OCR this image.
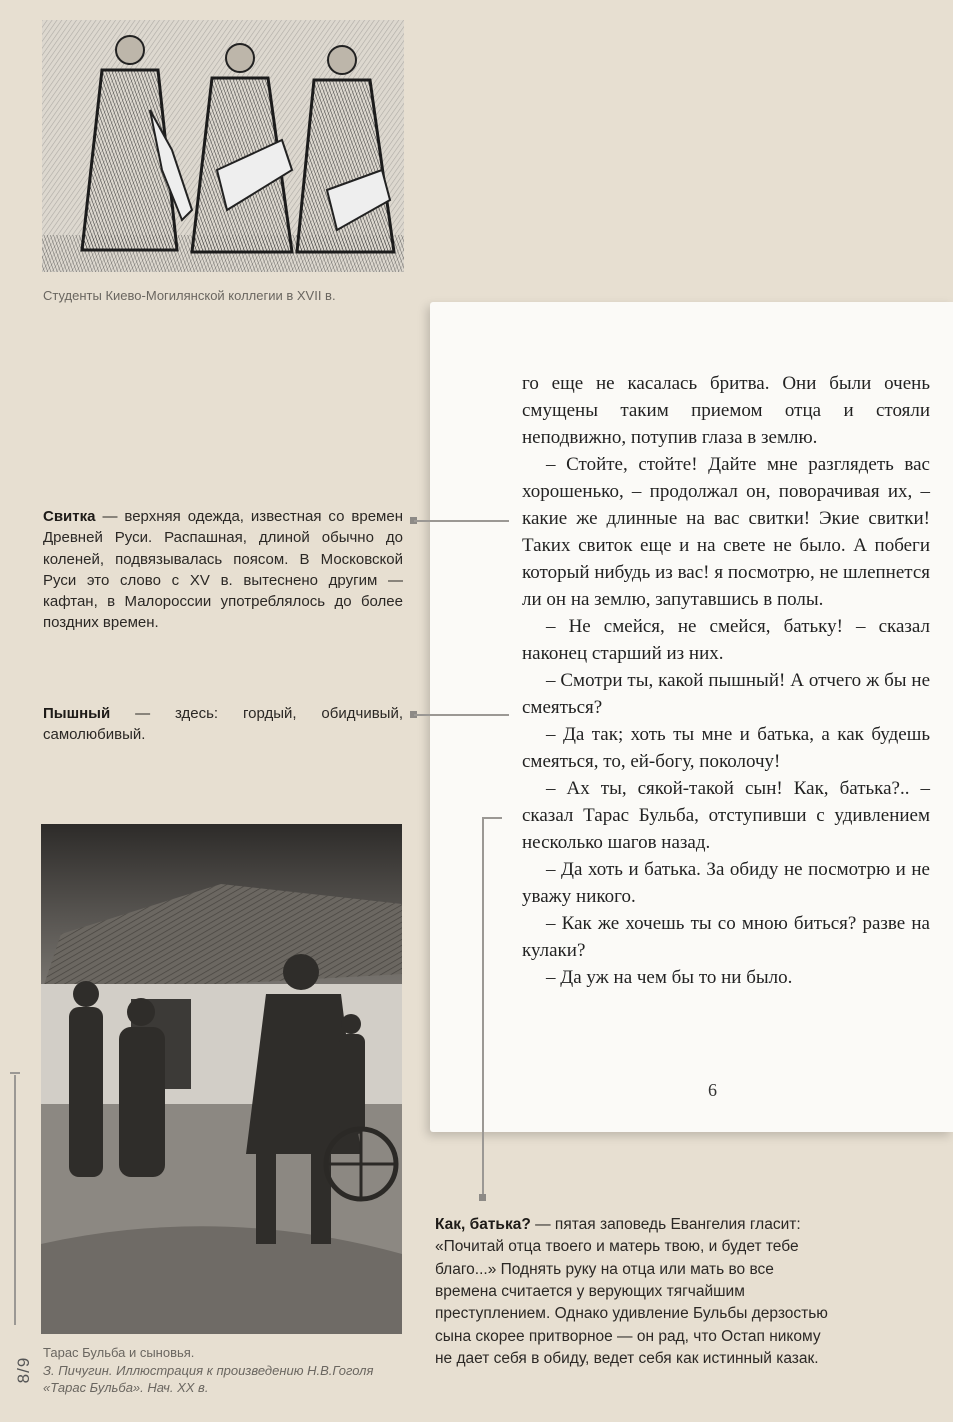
Студенты Киево-Могилянской коллегии в XVII в.

го еще не касалась бритва. Они были очень смущены таким приемом отца и стояли неподвижно, потупив глаза в землю.

– Стойте, стойте! Дайте мне разглядеть вас хорошенько, – продолжал он, поворачивая их, – какие же длинные на вас свитки! Экие свитки! Таких свиток еще и на свете не было. А побеги который нибудь из вас! я посмотрю, не шлепнется ли он на землю, запутавшись в полы.

– Не смейся, не смейся, батьку! – сказал наконец старший из них.

– Смотри ты, какой пышный! А отчего ж бы не смеяться?

– Да так; хоть ты мне и батька, а как будешь смеяться, то, ей-богу, поколочу!

– Ах ты, сякой-такой сын! Как, батька?.. – сказал Тарас Бульба, отступивши с удивлением несколько шагов назад.

– Да хоть и батька. За обиду не посмотрю и не уважу никого.

– Как же хочешь ты со мною биться? разве на кулаки?

– Да уж на чем бы то ни было.

6
Свитка — верхняя одежда, известная со времен Древней Руси. Распашная, длиной обычно до коленей, подвязывалась поясом. В Московской Руси это слово с XV в. вытеснено другим — кафтан, в Малороссии употреблялось до более поздних времен.
Пышный — здесь: гордый, обидчивый, самолюбивый.
Как, батька? — пятая заповедь Евангелия гласит: «Почитай отца твоего и матерь твою, и будет тебе благо...» Поднять руку на отца или мать во все времена считается у верующих тягчайшим преступлением. Однако удивление Бульбы дерзостью сына скорее притворное — он рад, что Остап никому не дает себя в обиду, ведет себя как истинный казак.
Тарас Бульба и сыновья.
З. Пичугин. Иллюстрация к произведению Н.В.Гоголя «Тарас Бульба». Нач. XX в.
8/9
